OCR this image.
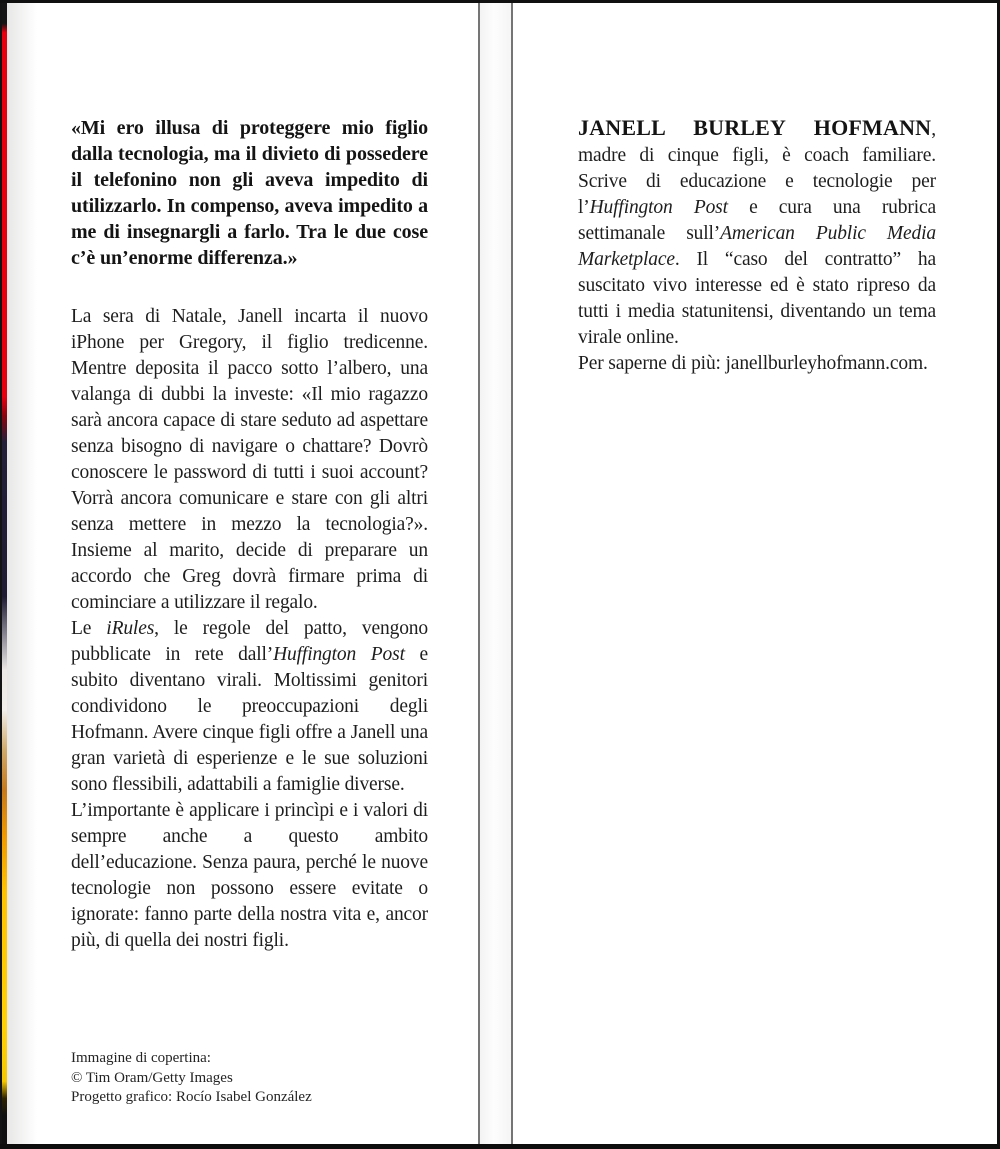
«Mi ero illusa di proteggere mio figlio dalla tecnologia, ma il divieto di possedere il telefonino non gli aveva impedito di utilizzarlo. In compenso, aveva impedito a me di insegnargli a farlo. Tra le due cose c’è un’enorme differenza.»

La sera di Natale, Janell incarta il nuovo iPhone per Gregory, il figlio tredicenne. Mentre deposita il pacco sotto l’albero, una valanga di dubbi la investe: «Il mio ragazzo sarà ancora capace di stare seduto ad aspettare senza bisogno di navigare o chattare? Dovrò conoscere le password di tutti i suoi account? Vorrà ancora comunicare e stare con gli altri senza mettere in mezzo la tecnologia?». Insieme al marito, decide di preparare un accordo che Greg dovrà firmare prima di cominciare a utilizzare il regalo.

Le iRules, le regole del patto, vengono pubblicate in rete dall’Huffington Post e subito diventano virali. Moltissimi genitori condividono le preoccupazioni degli Hofmann. Avere cinque figli offre a Janell una gran varietà di esperienze e le sue soluzioni sono flessibili, adattabili a famiglie diverse.

L’importante è applicare i princìpi e i valori di sempre anche a questo ambito dell’educazione. Senza paura, perché le nuove tecnologie non possono essere evitate o ignorate: fanno parte della nostra vita e, ancor più, di quella dei nostri figli.

Immagine di copertina:
© Tim Oram/Getty Images
Progetto grafico: Rocío Isabel González

JANELL BURLEY HOFMANN, madre di cinque figli, è coach familiare. Scrive di educazione e tecnologie per l’Huffington Post e cura una rubrica settimanale sull’American Public Media Marketplace. Il “caso del contratto” ha suscitato vivo interesse ed è stato ripreso da tutti i media statunitensi, diventando un tema virale online.

Per saperne di più: janellburleyhofmann.com.
